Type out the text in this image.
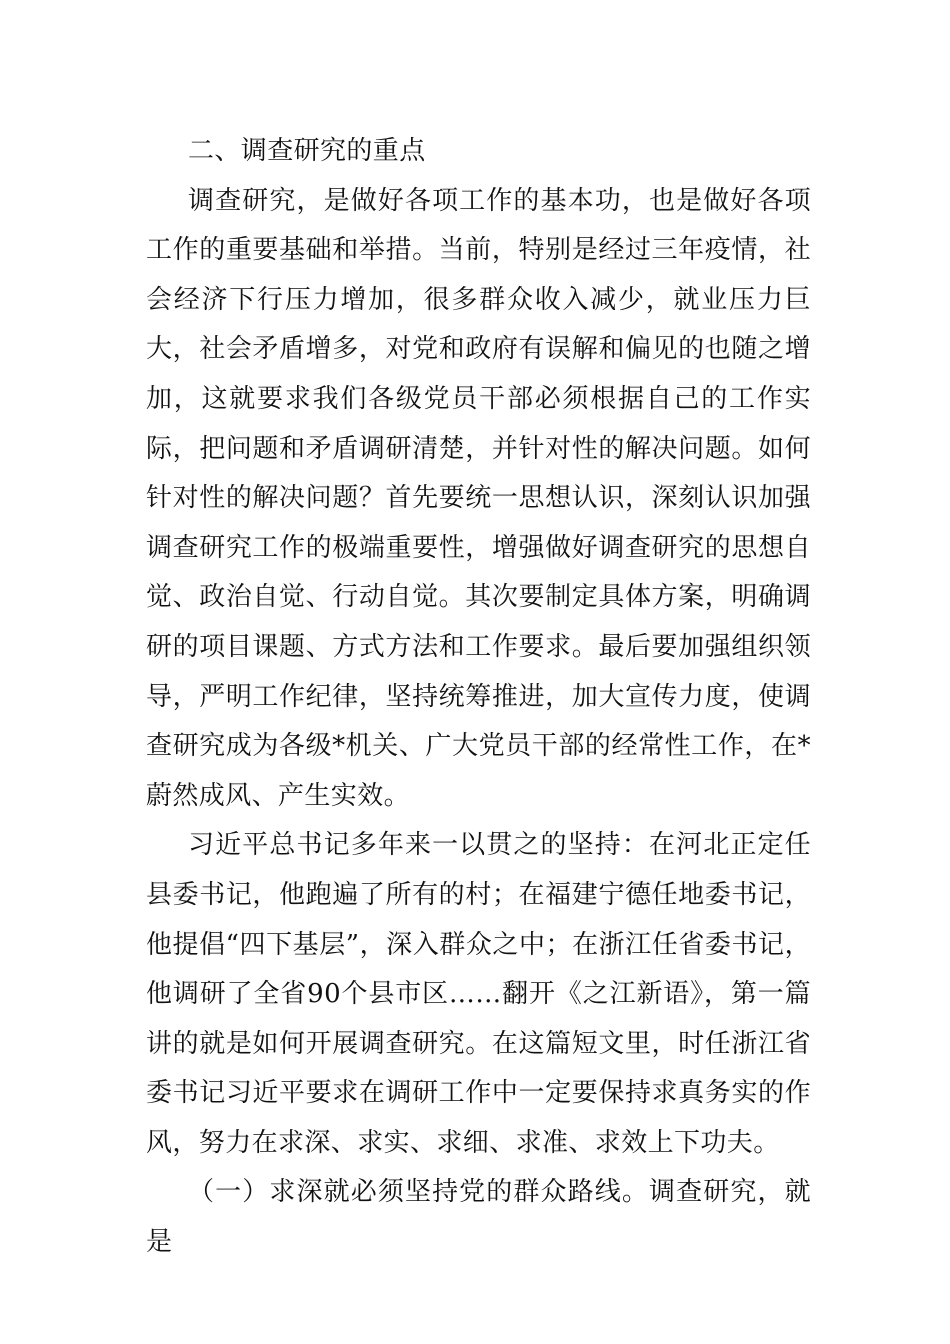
二、调查研究的重点

调查研究，是做好各项工作的基本功，也是做好各项工作的重要基础和举措。当前，特别是经过三年疫情，社会经济下行压力增加，很多群众收入减少，就业压力巨大，社会矛盾增多，对党和政府有误解和偏见的也随之增加，这就要求我们各级党员干部必须根据自己的工作实际，把问题和矛盾调研清楚，并针对性的解决问题。如何针对性的解决问题？首先要统一思想认识，深刻认识加强调查研究工作的极端重要性，增强做好调查研究的思想自觉、政治自觉、行动自觉。其次要制定具体方案，明确调研的项目课题、方式方法和工作要求。最后要加强组织领导，严明工作纪律，坚持统筹推进，加大宣传力度，使调查研究成为各级*机关、广大党员干部的经常性工作，在*蔚然成风、产生实效。

习近平总书记多年来一以贯之的坚持：在河北正定任县委书记，他跑遍了所有的村；在福建宁德任地委书记，他提倡“四下基层”，深入群众之中；在浙江任省委书记，他调研了全省90个县市区……翻开《之江新语》，第一篇讲的就是如何开展调查研究。在这篇短文里，时任浙江省委书记习近平要求在调研工作中一定要保持求真务实的作风，努力在求深、求实、求细、求准、求效上下功夫。

（一）求深就必须坚持党的群众路线。调查研究，就是
